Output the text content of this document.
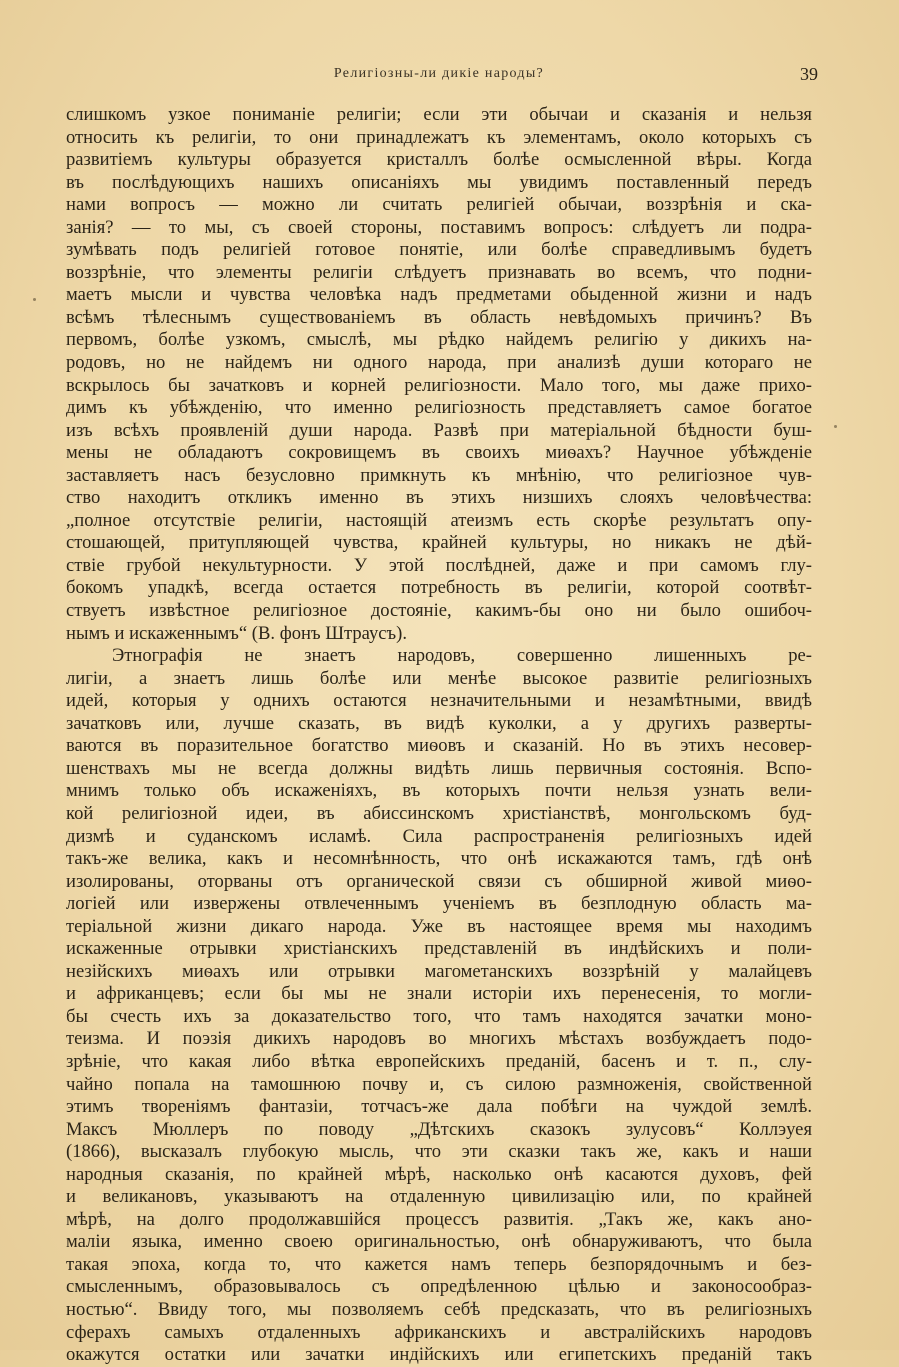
Религіозны-ли дикіе народы?	39
слишкомъ узкое пониманіе религіи; если эти обычаи и сказанія и нельзя
относить къ религіи, то они принадлежатъ къ элементамъ, около которыхъ съ
развитіемъ культуры образуется кристаллъ болѣе осмысленной вѣры. Когда
въ послѣдующихъ нашихъ описаніяхъ мы увидимъ поставленный передъ
нами вопросъ — можно ли считать религіей обычаи, воззрѣнія и ска-
занія? — то мы, съ своей стороны, поставимъ вопросъ: слѣдуетъ ли подра-
зумѣвать подъ религіей готовое понятіе, или болѣе справедливымъ будетъ
воззрѣніе, что элементы религіи слѣдуетъ признавать во всемъ, что подни-
маетъ мысли и чувства человѣка надъ предметами обыденной жизни и надъ
всѣмъ тѣлеснымъ существованіемъ въ область невѣдомыхъ причинъ? Въ
первомъ, болѣе узкомъ, смыслѣ, мы рѣдко найдемъ религію у дикихъ на-
родовъ, но не найдемъ ни одного народа, при анализѣ души котораго не
вскрылось бы зачатковъ и корней религіозности. Мало того, мы даже прихо-
димъ къ убѣжденію, что именно религіозность представляетъ самое богатое
изъ всѣхъ проявленій души народа. Развѣ при матеріальной бѣдности буш-
мены не обладаютъ сокровищемъ въ своихъ миѳахъ? Научное убѣжденіе
заставляетъ насъ безусловно примкнуть къ мнѣнію, что религіозное чув-
ство находитъ откликъ именно въ этихъ низшихъ слояхъ человѣчества:
„полное отсутствіе религіи, настоящій атеизмъ есть скорѣе результатъ опу-
стошающей, притупляющей чувства, крайней культуры, но никакъ не дѣй-
ствіе грубой некультурности. У этой послѣдней, даже и при самомъ глу-
бокомъ упадкѣ, всегда остается потребность въ религіи, которой соотвѣт-
ствуетъ извѣстное религіозное достояніе, какимъ-бы оно ни было ошибоч-
нымъ и искаженнымъ“ (В. фонъ Штраусъ).
Этнографія не знаетъ народовъ, совершенно лишенныхъ ре-
лигіи, а знаетъ лишь болѣе или менѣе высокое развитіе религіозныхъ
идей, которыя у однихъ остаются незначительными и незамѣтными, ввидѣ
зачатковъ или, лучше сказать, въ видѣ куколки, а у другихъ разверты-
ваются въ поразительное богатство миѳовъ и сказаній. Но въ этихъ несовер-
шенствахъ мы не всегда должны видѣть лишь первичныя состоянія. Вспо-
мнимъ только объ искаженіяхъ, въ которыхъ почти нельзя узнать вели-
кой религіозной идеи, въ абиссинскомъ христіанствѣ, монгольскомъ буд-
дизмѣ и суданскомъ исламѣ. Сила распространенія религіозныхъ идей
такъ-же велика, какъ и несомнѣнность, что онѣ искажаются тамъ, гдѣ онѣ
изолированы, оторваны отъ органической связи съ обширной живой миѳо-
логіей или извержены отвлеченнымъ ученіемъ въ безплодную область ма-
теріальной жизни дикаго народа. Уже въ настоящее время мы находимъ
искаженные отрывки христіанскихъ представленій въ индѣйскихъ и поли-
незійскихъ миѳахъ или отрывки магометанскихъ воззрѣній у малайцевъ
и африканцевъ; если бы мы не знали исторіи ихъ перенесенія, то могли-
бы счесть ихъ за доказательство того, что тамъ находятся зачатки моно-
теизма. И поэзія дикихъ народовъ во многихъ мѣстахъ возбуждаетъ подо-
зрѣніе, что какая либо вѣтка европейскихъ преданій, басенъ и т. п., слу-
чайно попала на тамошнюю почву и, съ силою размноженія, свойственной
этимъ твореніямъ фантазіи, тотчасъ-же дала побѣги на чуждой землѣ.
Максъ Мюллеръ по поводу „Дѣтскихъ сказокъ зулусовъ“ Коллэуея
(1866), высказалъ глубокую мысль, что эти сказки такъ же, какъ и наши
народныя сказанія, по крайней мѣрѣ, насколько онѣ касаются духовъ, фей
и великановъ, указываютъ на отдаленную цивилизацію или, по крайней
мѣрѣ, на долго продолжавшійся процессъ развитія. „Такъ же, какъ ано-
маліи языка, именно своею оригинальностью, онѣ обнаруживаютъ, что была
такая эпоха, когда то, что кажется намъ теперь безпорядочнымъ и без-
смысленнымъ, образовывалось съ опредѣленною цѣлью и законосообраз-
ностью“. Ввиду того, мы позволяемъ себѣ предсказать, что въ религіозныхъ
сферахъ самыхъ отдаленныхъ африканскихъ и австралійскихъ народовъ
окажутся остатки или зачатки индійскихъ или египетскихъ преданій такъ
